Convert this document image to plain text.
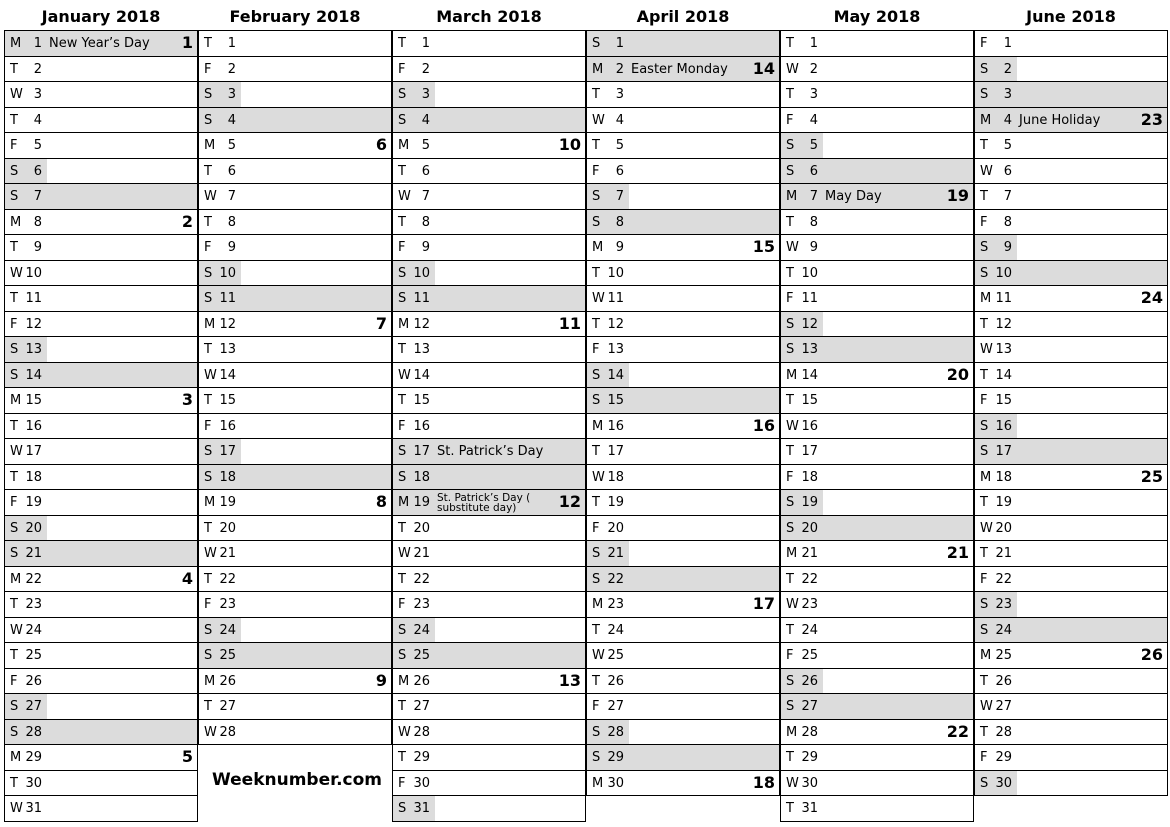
January 2018
M 1 New Year’s Day 1
T	2
W 3
T	4
F	5
S	6
S	7
M 8	2
T	9
W 10
T 11
F 12
S 13
S 14
M 15	3
T 16
W 17
T 18
F 19
S 20
S 21
M 22	4
T 23
W 24
T 25
F 26
S 27
S 28
M 29	5
T 30
W 31
February 2018
T	1
F	2
S	3
S	4
M 5	6
T	6
W 7
T	8
F	9
S 10
S 11
M 12	7
T 13
W 14
T 15
F 16
S 17
S 18
M 19	8
T 20
W 21
T 22
F 23
S 24
S 25
M 26	9
T 27
W 28
March 2018
T	1
F	2
S	3
S	4
M 5	10
T	6
W 7
T	8
F	9
S 10
S 11
M 12	11
T 13
W 14
T 15
F 16
S 17 St. Patrick’s Day
S 18
M 19 St. Patrick’s Day (
substitute day)	12
T 20
W 21
T 22
F 23
S 24
S 25
M 26	13
T 27
W 28
T 29
F 30
S 31
April 2018
S	1
M 2 Easter Monday 14
T	3
W 4
T	5
F	6
S	7
S	8
M 9	15
T 10
W 11
T 12
F 13
S 14
S 15
M 16	16
T 17
W 18
T 19
F 20
S 21
S 22
M 23	17
T 24
W 25
T 26
F 27
S 28
S 29
M 30	18
May 2018
T	1
W 2
T	3
F	4
S	5
S	6
M 7 May Day	19
T	8
W 9
T 10
F 11
S 12
S 13
M 14	20
T 15
W 16
T 17
F 18
S 19
S 20
M 21	21
T 22
W 23
T 24
F 25
S 26
S 27
M 28	22
T 29
W 30
T 31
June 2018
F	1
S	2
S	3
M 4 June Holiday	23
T	5
W 6
T	7
F	8
S	9
S 10
M 11	24
T 12
W 13
T 14
F 15
S 16
S 17
M 18	25
T 19
W 20
T 21
F 22
S 23
S 24
M 25	26
T 26
W 27
T 28
F 29
S 30
Weeknumber.com
